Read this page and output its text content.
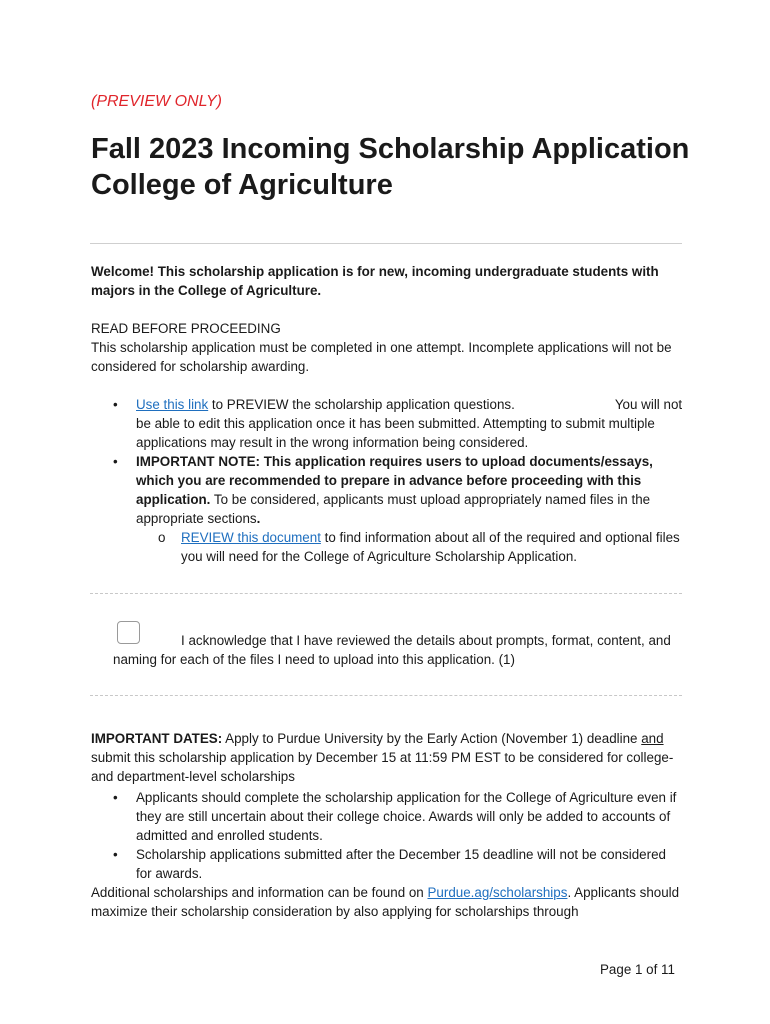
(PREVIEW ONLY)
Fall 2023 Incoming Scholarship Application College of Agriculture
Welcome! This scholarship application is for new, incoming undergraduate students with majors in the College of Agriculture.
READ BEFORE PROCEEDING
This scholarship application must be completed in one attempt. Incomplete applications will not be considered for scholarship awarding.
• Use this link to PREVIEW the scholarship application questions.	You will not be able to edit this application once it has been submitted. Attempting to submit multiple applications may result in the wrong information being considered.
• IMPORTANT NOTE: This application requires users to upload documents/essays, which you are recommended to prepare in advance before proceeding with this application. To be considered, applicants must upload appropriately named files in the appropriate sections.
o REVIEW this document to find information about all of the required and optional files you will need for the College of Agriculture Scholarship Application.
I acknowledge that I have reviewed the details about prompts, format, content, and naming for each of the files I need to upload into this application. (1)
IMPORTANT DATES: Apply to Purdue University by the Early Action (November 1) deadline and submit this scholarship application by December 15 at 11:59 PM EST to be considered for college- and department-level scholarships
• Applicants should complete the scholarship application for the College of Agriculture even if they are still uncertain about their college choice. Awards will only be added to accounts of admitted and enrolled students.
• Scholarship applications submitted after the December 15 deadline will not be considered for awards.
Additional scholarships and information can be found on Purdue.ag/scholarships. Applicants should maximize their scholarship consideration by also applying for scholarships through
Page 1 of 11
